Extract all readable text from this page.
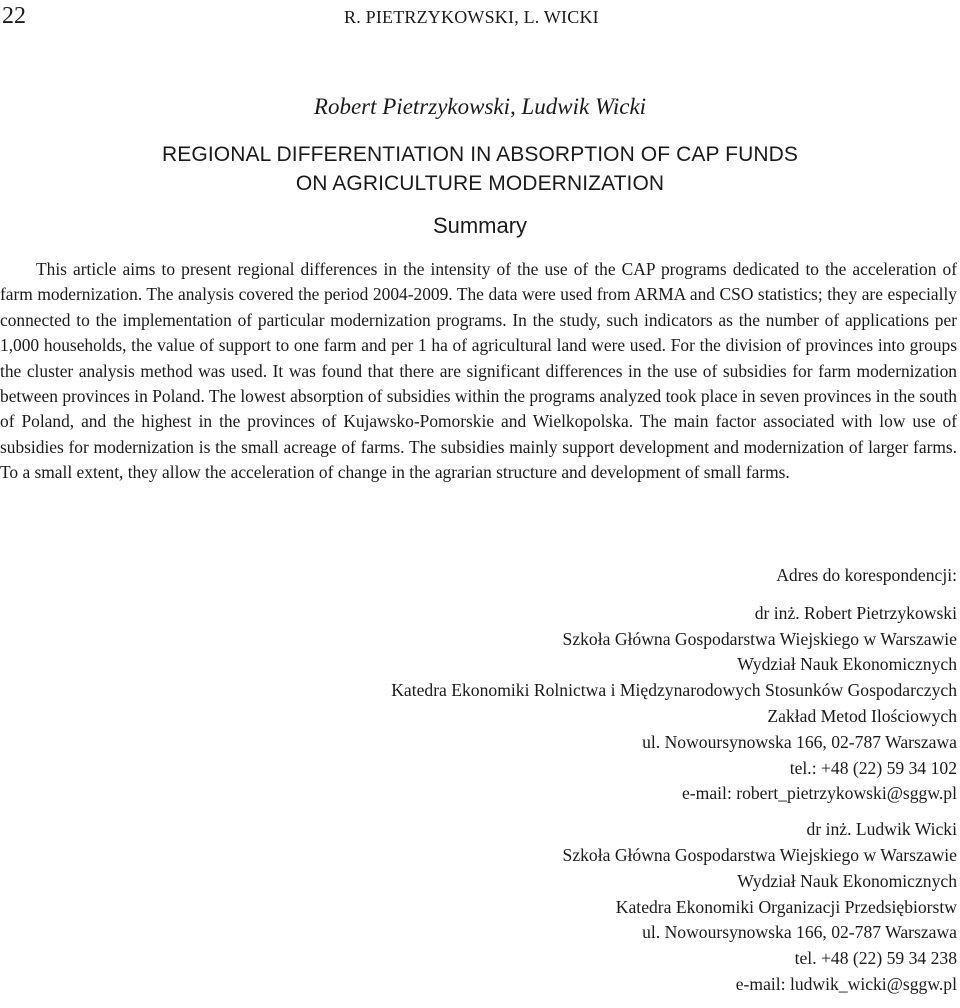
22	R. PIETRZYKOWSKI, L. WICKI
Robert Pietrzykowski, Ludwik Wicki
REGIONAL DIFFERENTIATION IN ABSORPTION OF CAP FUNDS
ON AGRICULTURE MODERNIZATION
Summary

This article aims to present regional differences in the intensity of the use of the CAP programs dedicated to the acceleration of farm modernization. The analysis covered the period 2004-2009. The data were used from ARMA and CSO statistics; they are especially connected to the implementation of particular modernization programs. In the study, such indicators as the number of applications per 1,000 households, the value of support to one farm and per 1 ha of agricultural land were used. For the division of provinces into groups the cluster analysis method was used. It was found that there are significant differences in the use of subsidies for farm modernization between provinces in Poland. The lowest absorption of subsidies within the programs analyzed took place in seven provinces in the south of Poland, and the highest in the provinces of Kujawsko-Pomorskie and Wielkopolska. The main factor associated with low use of subsidies for modernization is the small acreage of farms. The subsidies mainly support development and modernization of larger farms. To a small extent, they allow the acceleration of change in the agrarian structure and development of small farms.

Adres do korespondencji:
dr inż. Robert Pietrzykowski
Szkoła Główna Gospodarstwa Wiejskiego w Warszawie
Wydział Nauk Ekonomicznych
Katedra Ekonomiki Rolnictwa i Międzynarodowych Stosunków Gospodarczych
Zakład Metod Ilościowych
ul. Nowoursynowska 166, 02-787 Warszawa
tel.: +48 (22) 59 34 102
e-mail: robert_pietrzykowski@sggw.pl
dr inż. Ludwik Wicki
Szkoła Główna Gospodarstwa Wiejskiego w Warszawie
Wydział Nauk Ekonomicznych
Katedra Ekonomiki Organizacji Przedsiębiorstw
ul. Nowoursynowska 166, 02-787 Warszawa
tel. +48 (22) 59 34 238
e-mail: ludwik_wicki@sggw.pl
